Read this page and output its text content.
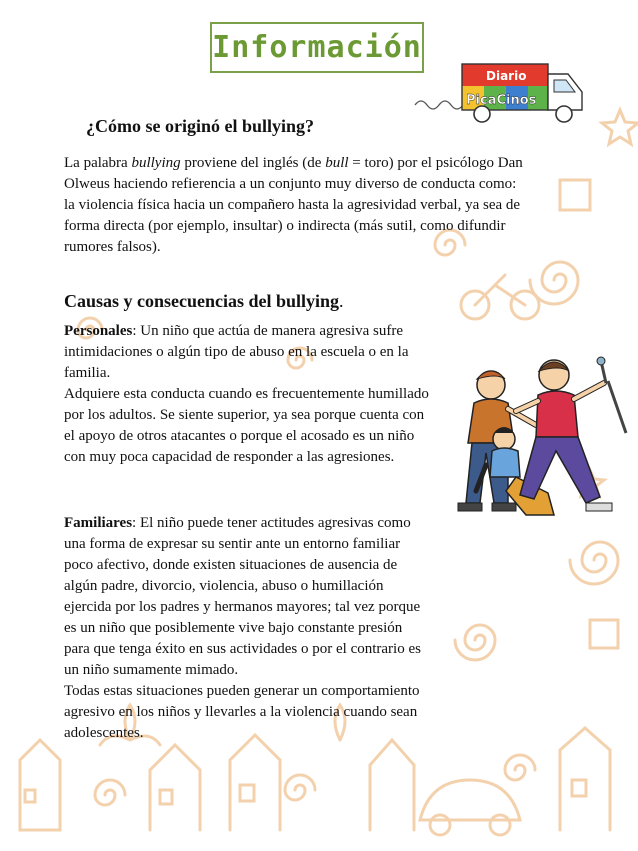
Información
Diario
PicaCinos
¿Cómo se originó el bullying?

La palabra bullying proviene del inglés (de bull = toro) por el psicólogo Dan Olweus haciendo refierencia a un conjunto muy diverso de conducta como: la violencia física hacia un compañero hasta la agresividad verbal, ya sea de forma directa (por ejemplo, insultar) o indirecta (más sutil, como difundir rumores falsos).

Causas y consecuencias del bullying.

Personales: Un niño que actúa de manera agresiva sufre intimidaciones o algún tipo de abuso en la escuela o en la familia.
Adquiere esta conducta cuando es frecuentemente humillado por los adultos. Se siente superior, ya sea porque cuenta con el apoyo de otros atacantes o porque el acosado es un niño con muy poca capacidad de responder a las agresiones.

Familiares: El niño puede tener actitudes agresivas como una forma de expresar su sentir ante un entorno familiar poco afectivo, donde existen situaciones de ausencia de algún padre, divorcio, violencia, abuso o humillación ejercida por los padres y hermanos mayores; tal vez porque es un niño que posiblemente vive bajo constante presión para que tenga éxito en sus actividades o por el contrario es un niño sumamente mimado.
Todas estas situaciones pueden generar un comportamiento agresivo en los niños y llevarles a la violencia cuando sean adolescentes.
